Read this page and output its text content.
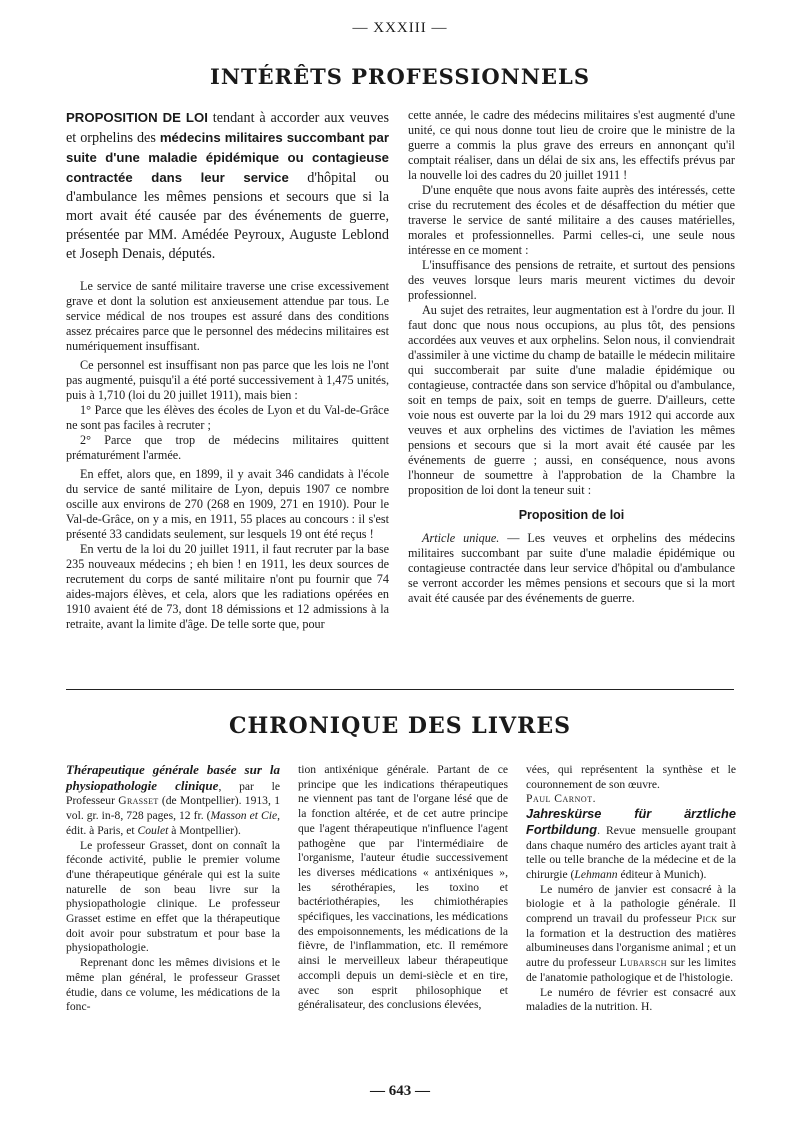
— XXXIII —
INTÉRÊTS PROFESSIONNELS

PROPOSITION DE LOI tendant à accorder aux veuves et orphelins des médecins militaires succombant par suite d'une maladie épidémique ou contagieuse contractée dans leur service d'hôpital ou d'ambulance les mêmes pensions et secours que si la mort avait été causée par des événements de guerre, présentée par MM. Amédée Peyroux, Auguste Leblond et Joseph Denais, députés.

Le service de santé militaire traverse une crise excessivement grave et dont la solution est anxieusement attendue par tous. Le service médical de nos troupes est assuré dans des conditions assez précaires parce que le personnel des médecins militaires est numériquement insuffisant.

Ce personnel est insuffisant non pas parce que les lois ne l'ont pas augmenté, puisqu'il a été porté successivement à 1,475 unités, puis à 1,710 (loi du 20 juillet 1911), mais bien :

1° Parce que les élèves des écoles de Lyon et du Val-de-Grâce ne sont pas faciles à recruter ;

2° Parce que trop de médecins militaires quittent prématurément l'armée.

En effet, alors que, en 1899, il y avait 346 candidats à l'école du service de santé militaire de Lyon, depuis 1907 ce nombre oscille aux environs de 270 (268 en 1909, 271 en 1910). Pour le Val-de-Grâce, on y a mis, en 1911, 55 places au concours : il s'est présenté 33 candidats seulement, sur lesquels 19 ont été reçus !

En vertu de la loi du 20 juillet 1911, il faut recruter par la base 235 nouveaux médecins ; eh bien ! en 1911, les deux sources de recrutement du corps de santé militaire n'ont pu fournir que 74 aides-majors élèves, et cela, alors que les radiations opérées en 1910 avaient été de 73, dont 18 démissions et 12 admissions à la retraite, avant la limite d'âge. De telle sorte que, pour

cette année, le cadre des médecins militaires s'est augmenté d'une unité, ce qui nous donne tout lieu de croire que le ministre de la guerre a commis la plus grave des erreurs en annonçant qu'il comptait réaliser, dans un délai de six ans, les effectifs prévus par la nouvelle loi des cadres du 20 juillet 1911 !

D'une enquête que nous avons faite auprès des intéressés, cette crise du recrutement des écoles et de désaffection du métier que traverse le service de santé militaire a des causes matérielles, morales et professionnelles. Parmi celles-ci, une seule nous intéresse en ce moment :

L'insuffisance des pensions de retraite, et surtout des pensions des veuves lorsque leurs maris meurent victimes du devoir professionnel.

Au sujet des retraites, leur augmentation est à l'ordre du jour. Il faut donc que nous nous occupions, au plus tôt, des pensions accordées aux veuves et aux orphelins. Selon nous, il conviendrait d'assimiler à une victime du champ de bataille le médecin militaire qui succomberait par suite d'une maladie épidémique ou contagieuse, contractée dans son service d'hôpital ou d'ambulance, soit en temps de paix, soit en temps de guerre. D'ailleurs, cette voie nous est ouverte par la loi du 29 mars 1912 qui accorde aux veuves et aux orphelins des victimes de l'aviation les mêmes pensions et secours que si la mort avait été causée par les événements de guerre ; aussi, en conséquence, nous avons l'honneur de soumettre à l'approbation de la Chambre la proposition de loi dont la teneur suit :

Proposition de loi

Article unique. — Les veuves et orphelins des médecins militaires succombant par suite d'une maladie épidémique ou contagieuse contractée dans leur service d'hôpital ou d'ambulance se verront accorder les mêmes pensions et secours que si la mort avait été causée par des événements de guerre.

CHRONIQUE DES LIVRES

Thérapeutique générale basée sur la physiopathologie clinique, par le Professeur Grasset (de Montpellier). 1913, 1 vol. gr. in-8, 728 pages, 12 fr. (Masson et Cie, édit. à Paris, et Coulet à Montpellier).

Le professeur Grasset, dont on connaît la féconde activité, publie le premier volume d'une thérapeutique générale qui est la suite naturelle de son beau livre sur la physiopathologie clinique. Le professeur Grasset estime en effet que la thérapeutique doit avoir pour substratum et pour base la physiopathologie.

Reprenant donc les mêmes divisions et le même plan général, le professeur Grasset étudie, dans ce volume, les médications de la fonc-

tion antixénique générale. Partant de ce principe que les indications thérapeutiques ne viennent pas tant de l'organe lésé que de la fonction altérée, et de cet autre principe que l'agent thérapeutique n'influence l'agent pathogène que par l'intermédiaire de l'organisme, l'auteur étudie successivement les diverses médications « antixéniques », les sérothérapies, les toxino et bactériothérapies, les chimiothérapies spécifiques, les vaccinations, les médications des empoisonnements, les médications de la fièvre, de l'inflammation, etc. Il remémore ainsi le merveilleux labeur thérapeutique accompli depuis un demi-siècle et en tire, avec son esprit philosophique et généralisateur, des conclusions élevées,

vées, qui représentent la synthèse et le couronnement de son œuvre.

Paul Carnot.

Jahreskürse für ärztliche Fortbildung. Revue mensuelle groupant dans chaque numéro des articles ayant trait à telle ou telle branche de la médecine et de la chirurgie (Lehmann éditeur à Munich).

Le numéro de janvier est consacré à la biologie et à la pathologie générale. Il comprend un travail du professeur Pick sur la formation et la destruction des matières albumineuses dans l'organisme animal ; et un autre du professeur Lubarsch sur les limites de l'anatomie pathologique et de l'histologie.

Le numéro de février est consacré aux maladies de la nutrition. H.

— 643 —
